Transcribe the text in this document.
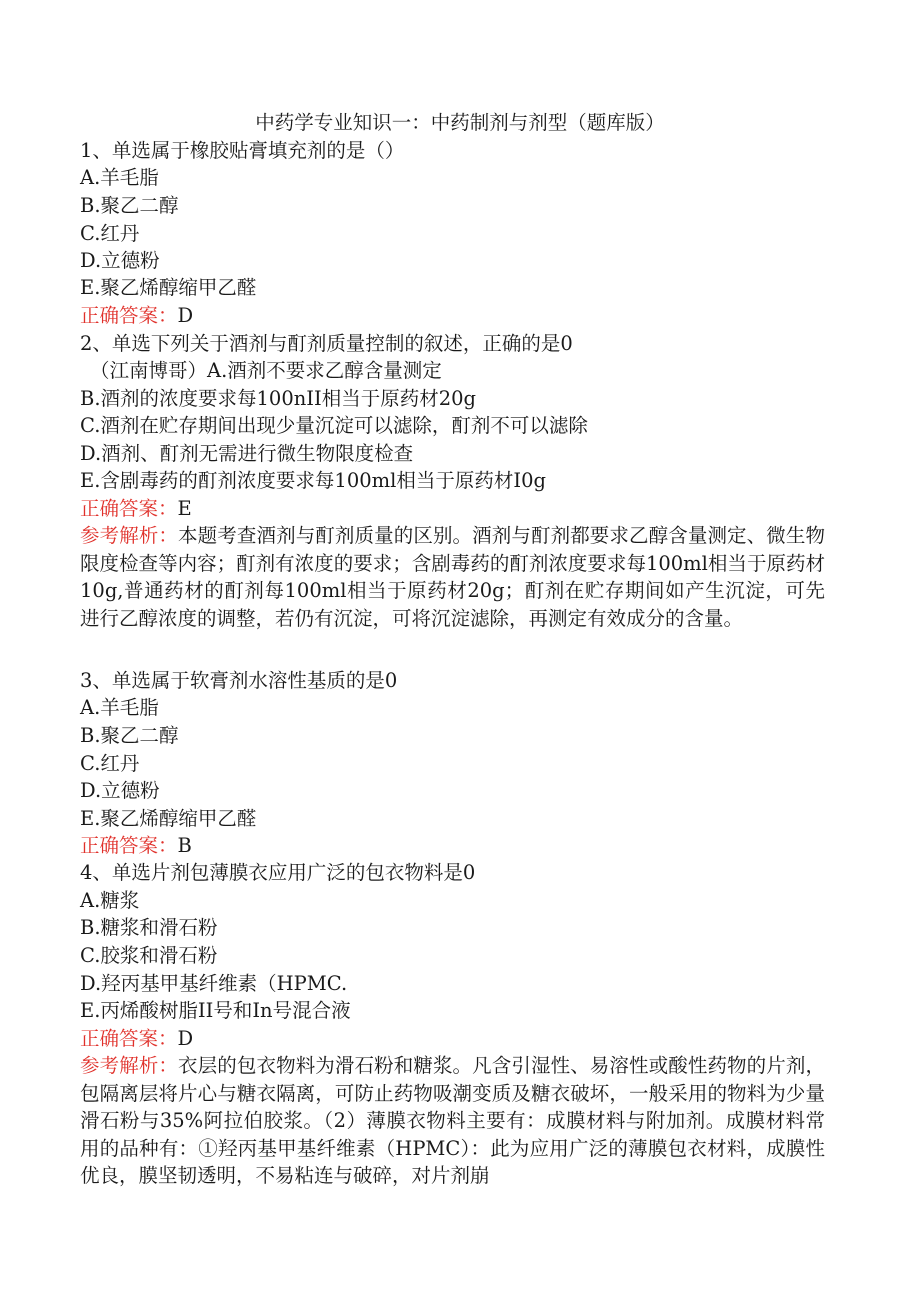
中药学专业知识一：中药制剂与剂型（题库版）
1、单选属于橡胶贴膏填充剂的是（）
A.羊毛脂
B.聚乙二醇
C.红丹
D.立德粉
E.聚乙烯醇缩甲乙醛
正确答案：D
2、单选下列关于酒剂与酊剂质量控制的叙述，正确的是0
（江南博哥）A.酒剂不要求乙醇含量测定
B.酒剂的浓度要求每100nII相当于原药材20g
C.酒剂在贮存期间出现少量沉淀可以滤除，酊剂不可以滤除
D.酒剂、酊剂无需进行微生物限度检查
E.含剧毒药的酊剂浓度要求每100ml相当于原药材I0g
正确答案：E
参考解析：本题考查酒剂与酊剂质量的区别。酒剂与酊剂都要求乙醇含量测定、微生物限度检查等内容；酊剂有浓度的要求；含剧毒药的酊剂浓度要求每100ml相当于原药材10g,普通药材的酊剂每100ml相当于原药材20g；酊剂在贮存期间如产生沉淀，可先进行乙醇浓度的调整，若仍有沉淀，可将沉淀滤除，再测定有效成分的含量。
3、单选属于软膏剂水溶性基质的是0
A.羊毛脂
B.聚乙二醇
C.红丹
D.立德粉
E.聚乙烯醇缩甲乙醛
正确答案：B
4、单选片剂包薄膜衣应用广泛的包衣物料是0
A.糖浆
B.糖浆和滑石粉
C.胶浆和滑石粉
D.羟丙基甲基纤维素（HPMC.
E.丙烯酸树脂II号和In号混合液
正确答案：D
参考解析：衣层的包衣物料为滑石粉和糖浆。凡含引湿性、易溶性或酸性药物的片剂，包隔离层将片心与糖衣隔离，可防止药物吸潮变质及糖衣破坏，一般采用的物料为少量滑石粉与35%阿拉伯胶浆。（2）薄膜衣物料主要有：成膜材料与附加剂。成膜材料常用的品种有：①羟丙基甲基纤维素（HPMC）：此为应用广泛的薄膜包衣材料，成膜性优良，膜坚韧透明，不易粘连与破碎，对片剂崩
